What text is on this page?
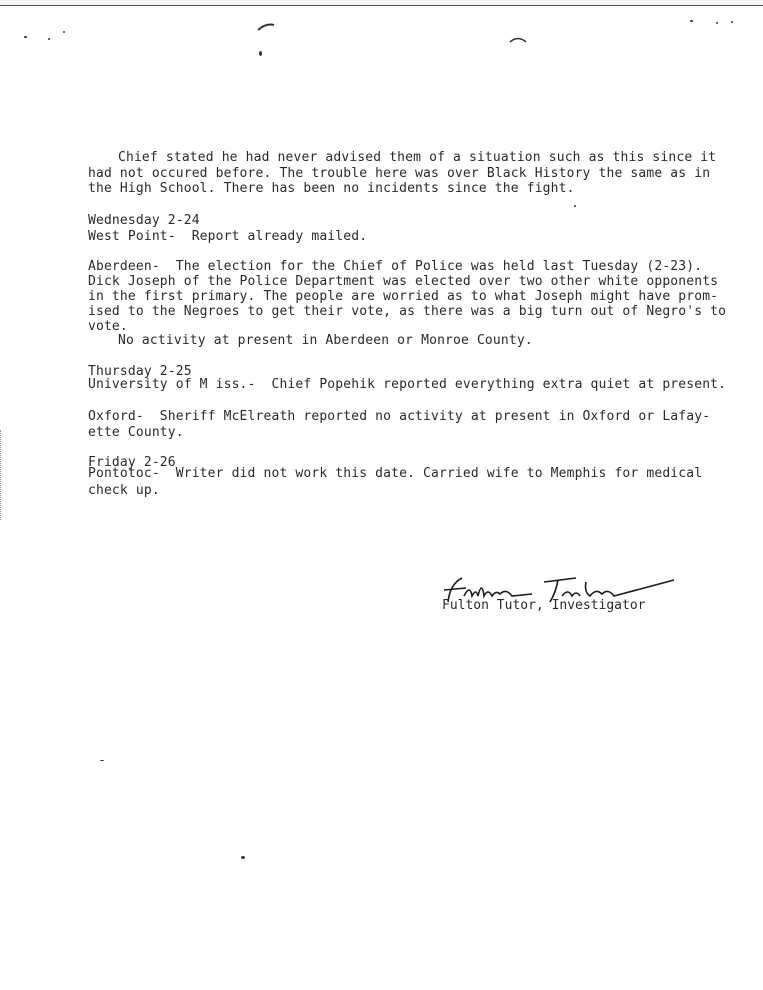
Chief stated he had never advised them of a situation such as this since it
had not occured before. The trouble here was over Black History the same as in
the High School. There has been no incidents since the fight.
Wednesday 2-24
West Point-  Report already mailed.
Aberdeen-  The election for the Chief of Police was held last Tuesday (2-23).
Dick Joseph of the Police Department was elected over two other white opponents
in the first primary. The people are worried as to what Joseph might have prom-
ised to the Negroes to get their vote, as there was a big turn out of Negro's to
vote.
No activity at present in Aberdeen or Monroe County.
Thursday 2-25
University of M iss.-  Chief Popehik reported everything extra quiet at present.
Oxford-  Sheriff McElreath reported no activity at present in Oxford or Lafay-
ette County.
Friday 2-26
Pontotoc-  Writer did not work this date. Carried wife to Memphis for medical
check up.
Fulton Tutor, Investigator
